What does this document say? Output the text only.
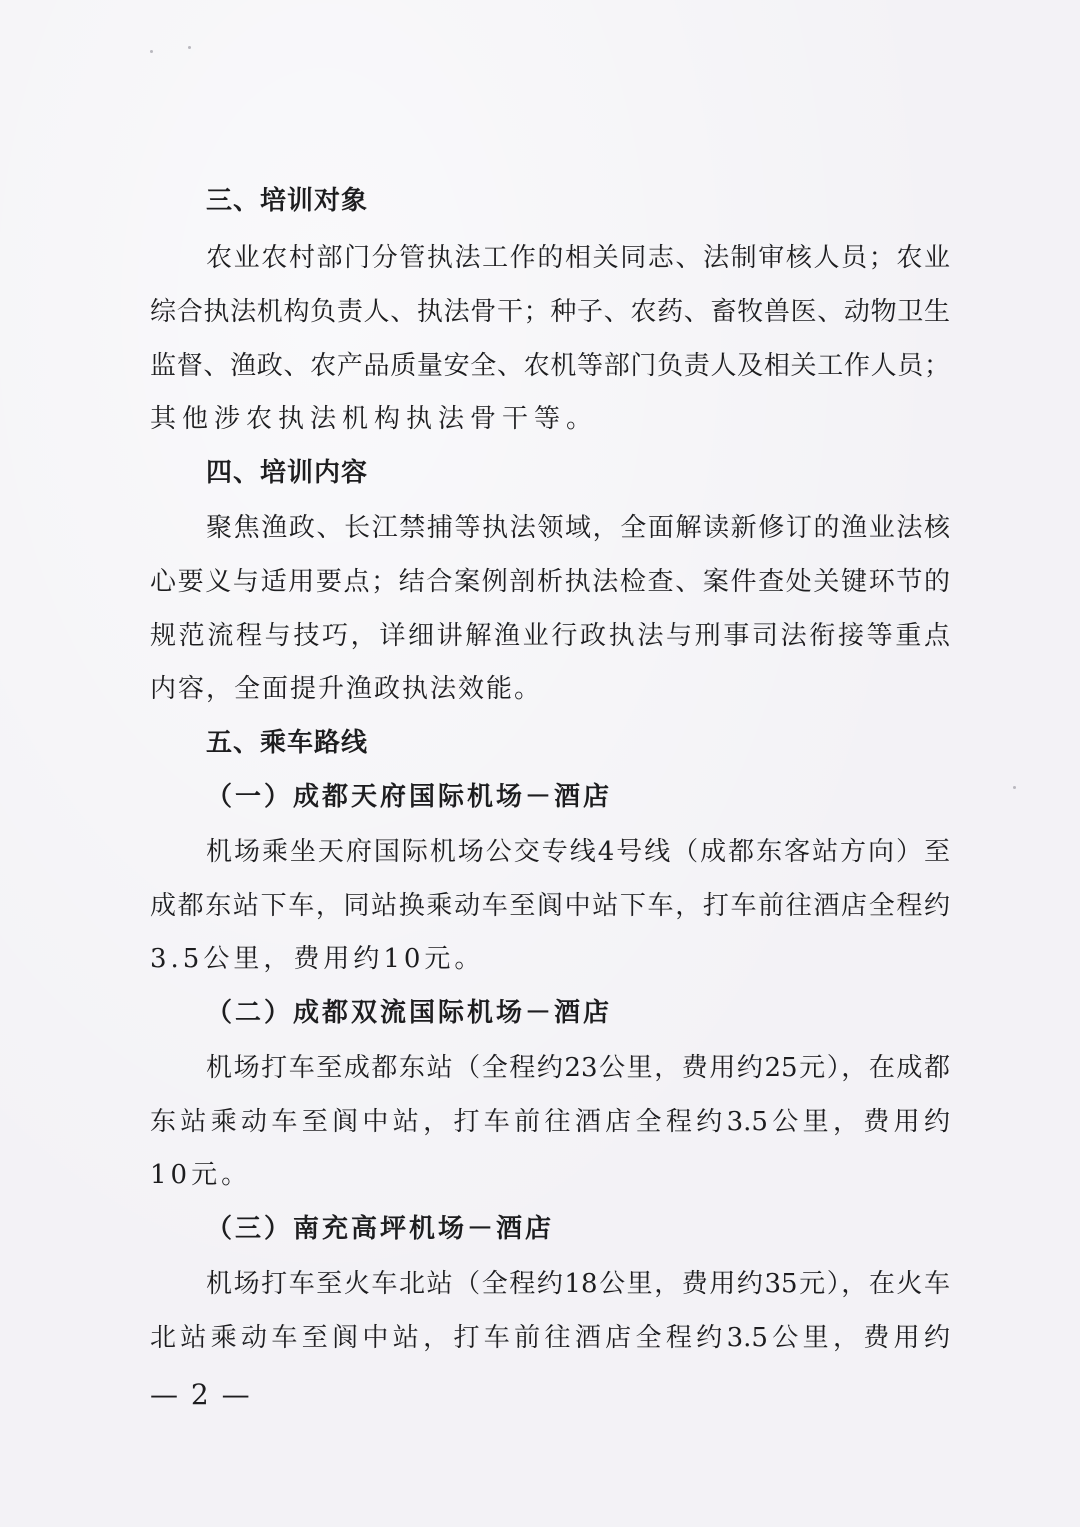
三、培训对象
农业农村部门分管执法工作的相关同志、法制审核人员；农业
综合执法机构负责人、执法骨干；种子、农药、畜牧兽医、动物卫生
监督、渔政、农产品质量安全、农机等部门负责人及相关工作人员；
其他涉农执法机构执法骨干等。
四、培训内容
聚焦渔政、长江禁捕等执法领域，全面解读新修订的渔业法核
心要义与适用要点；结合案例剖析执法检查、案件查处关键环节的
规范流程与技巧，详细讲解渔业行政执法与刑事司法衔接等重点
内容，全面提升渔政执法效能。
五、乘车路线
（一）成都天府国际机场－酒店
机场乘坐天府国际机场公交专线4号线（成都东客站方向）至
成都东站下车，同站换乘动车至阆中站下车，打车前往酒店全程约
3.5公里，费用约10元。
（二）成都双流国际机场－酒店
机场打车至成都东站（全程约23公里，费用约25元），在成都
东站乘动车至阆中站，打车前往酒店全程约3.5公里，费用约
10元。
（三）南充高坪机场－酒店
机场打车至火车北站（全程约18公里，费用约35元），在火车
北站乘动车至阆中站，打车前往酒店全程约3.5公里，费用约
— 2 —
